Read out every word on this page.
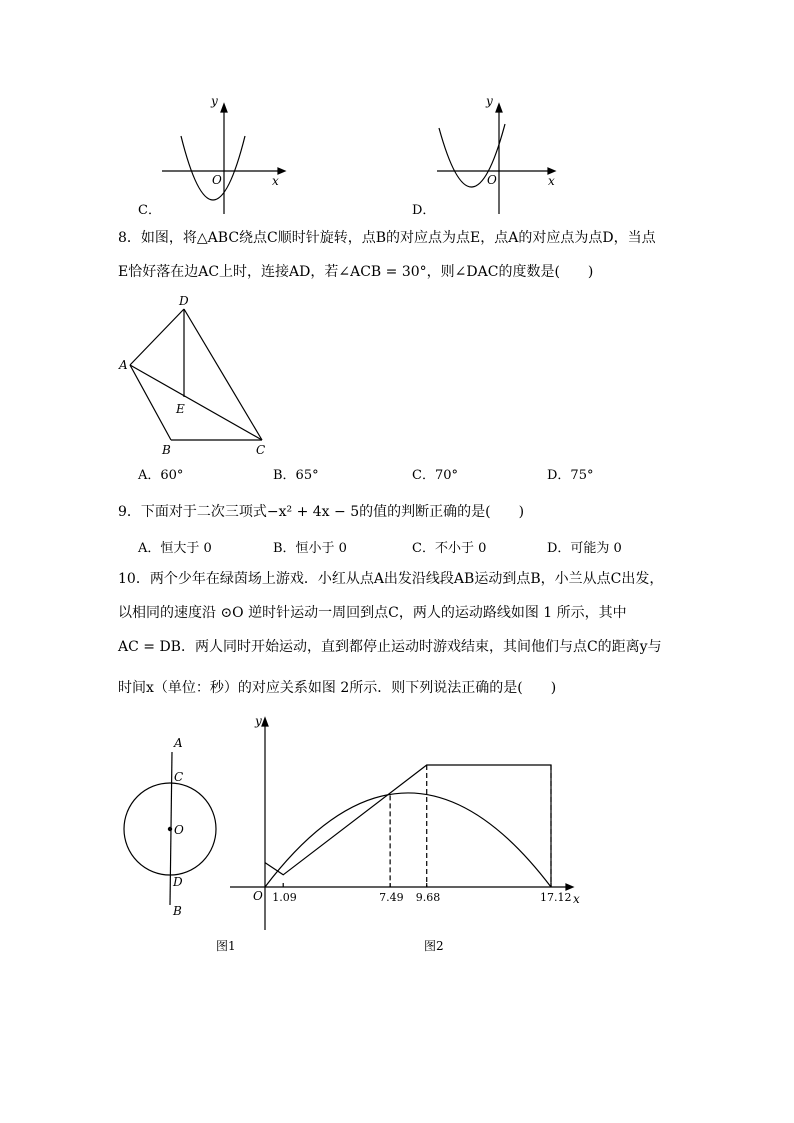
y
x
O
C．
y
x
O
D．
8．如图，将△ABC绕点C顺时针旋转，点B的对应点为点E，点A的对应点为点D，当点
E恰好落在边AC上时，连接AD，若∠ACB = 30°，则∠DAC的度数是(　　)
D
A
E
B	C
A．60°	B．65°	C．70°	D．75°
9．下面对于二次三项式−x² + 4x − 5的值的判断正确的是(　　)
A．恒大于 0	B．恒小于 0	C．不小于 0	D．可能为 0
10．两个少年在绿茵场上游戏．小红从点A出发沿线段AB运动到点B，小兰从点C出发，
以相同的速度沿 ⊙O 逆时针运动一周回到点C，两人的运动路线如图 1 所示，其中
AC = DB．两人同时开始运动，直到都停止运动时游戏结束，其间他们与点C的距离y与
时间x（单位：秒）的对应关系如图 2所示．则下列说法正确的是(　　)
A
C
O
D
B
图1
y
x
O 1.09	7.49 9.68	17.12
图2
